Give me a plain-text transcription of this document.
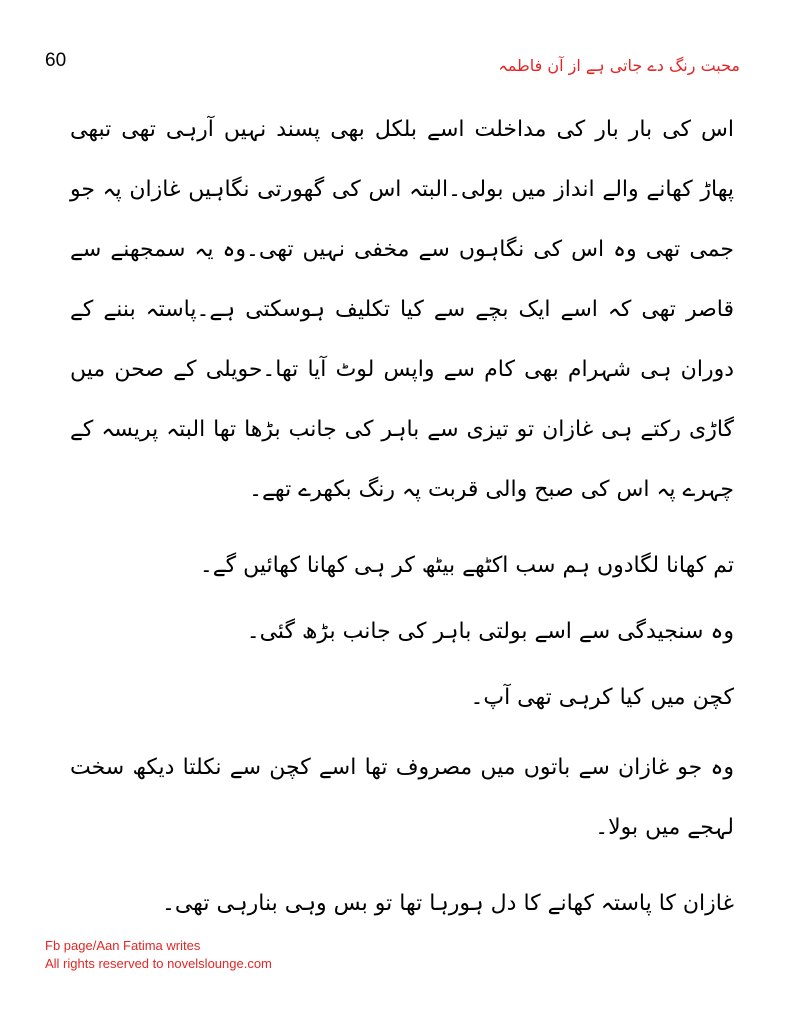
60	محبت رنگ دے جاتی ہے از آن فاطمہ

اس کی بار بار کی مداخلت اسے بلکل بھی پسند نہیں آرہی تھی تبھی پھاڑ کھانے والے انداز میں بولی۔البتہ اس کی گھورتی نگاہیں غازان پہ جو جمی تھی وہ اس کی نگاہوں سے مخفی نہیں تھی۔وہ یہ سمجھنے سے قاصر تھی کہ اسے ایک بچے سے کیا تکلیف ہوسکتی ہے۔پاستہ بننے کے دوران ہی شہرام بھی کام سے واپس لوٹ آیا تھا۔حویلی کے صحن میں گاڑی رکتے ہی غازان تو تیزی سے باہر کی جانب بڑھا تھا البتہ پریسہ کے چہرے پہ اس کی صبح والی قربت پہ رنگ بکھرے تھے۔

تم کھانا لگادوں ہم سب اکٹھے بیٹھ کر ہی کھانا کھائیں گے۔

وہ سنجیدگی سے اسے بولتی باہر کی جانب بڑھ گئی۔

کچن میں کیا کرہی تھی آپ۔

وہ جو غازان سے باتوں میں مصروف تھا اسے کچن سے نکلتا دیکھ سخت لہجے میں بولا۔

غازان کا پاستہ کھانے کا دل ہورہا تھا تو بس وہی بنارہی تھی۔

Fb page/Aan Fatima writes
All rights reserved to novelslounge.com
